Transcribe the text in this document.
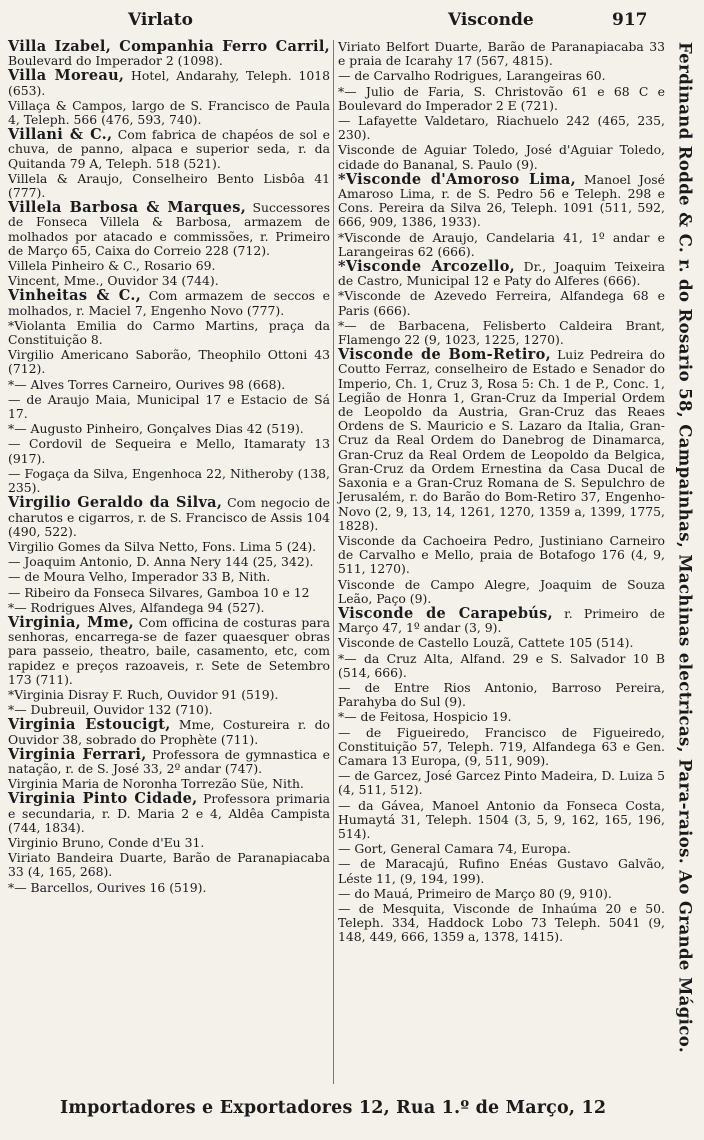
Virlato	Visconde	917
Villa Izabel, Companhia Ferro Carril, Boulevard do Imperador 2 (1098).
Villa Moreau, Hotel, Andarahy, Teleph. 1018 (653).
Villaça & Campos, largo de S. Francisco de Paula 4, Teleph. 566 (476, 593, 740).
Villani & C., Com fabrica de chapéos de sol e chuva, de panno, alpaca e superior seda, r. da Quitanda 79 A, Teleph. 518 (521).
Villela & Araujo, Conselheiro Bento Lisbôa 41 (777).
Villela Barbosa & Marques, Successores de Fonseca Villela & Barbosa, armazem de molhados por atacado e commissões, r. Primeiro de Março 65, Caixa do Correio 228 (712).
Villela Pinheiro & C., Rosario 69.
Vincent, Mme., Ouvidor 34 (744).
Vinheitas & C., Com armazem de seccos e molhados, r. Maciel 7, Engenho Novo (777).
*Violanta Emilia do Carmo Martins, praça da Constituição 8.
Virgilio Americano Saborão, Theophilo Ottoni 43 (712).
*— Alves Torres Carneiro, Ourives 98 (668).
— de Araujo Maia, Municipal 17 e Estacio de Sá 17.
*— Augusto Pinheiro, Gonçalves Dias 42 (519).
— Cordovil de Sequeira e Mello, Itamaraty 13 (917).
— Fogaça da Silva, Engenhoca 22, Nitheroby (138, 235).
Virgilio Geraldo da Silva, Com negocio de charutos e cigarros, r. de S. Francisco de Assis 104 (490, 522).
Virgilio Gomes da Silva Netto, Fons. Lima 5 (24).
— Joaquim Antonio, D. Anna Nery 144 (25, 342).
— de Moura Velho, Imperador 33 B, Nith.
— Ribeiro da Fonseca Silvares, Gamboa 10 e 12
*— Rodrigues Alves, Alfandega 94 (527).
Virginia, Mme, Com officina de costuras para senhoras, encarrega-se de fazer quaesquer obras para passeio, theatro, baile, casamento, etc, com rapidez e preços razoaveis, r. Sete de Setembro 173 (711).
*Virginia Disray F. Ruch, Ouvidor 91 (519).
*— Dubreuil, Ouvidor 132 (710).
Virginia Estoucigt, Mme, Costureira r. do Ouvidor 38, sobrado do Prophète (711).
Virginia Ferrari, Professora de gymnastica e natação, r. de S. José 33, 2º andar (747).
Virginia Maria de Noronha Torrezão Süe, Nith.
Virginia Pinto Cidade, Professora primaria e secundaria, r. D. Maria 2 e 4, Aldêa Campista (744, 1834).
Virginio Bruno, Conde d'Eu 31.
Viriato Bandeira Duarte, Barão de Paranapiacaba 33 (4, 165, 268).
*— Barcellos, Ourives 16 (519).
Viriato Belfort Duarte, Barão de Paranapiacaba 33 e praia de Icarahy 17 (567, 4815).
— de Carvalho Rodrigues, Larangeiras 60.
*— Julio de Faria, S. Christovão 61 e 68 C e Boulevard do Imperador 2 E (721).
— Lafayette Valdetaro, Riachuelo 242 (465, 235, 230).
Visconde de Aguiar Toledo, José d'Aguiar Toledo, cidade do Bananal, S. Paulo (9).
*Visconde d'Amoroso Lima, Manoel José Amaroso Lima, r. de S. Pedro 56 e Teleph. 298 e Cons. Pereira da Silva 26, Teleph. 1091 (511, 592, 666, 909, 1386, 1933).
*Visconde de Araujo, Candelaria 41, 1º andar e Larangeiras 62 (666).
*Visconde Arcozello, Dr., Joaquim Teixeira de Castro, Municipal 12 e Paty do Alferes (666).
*Visconde de Azevedo Ferreira, Alfandega 68 e Paris (666).
*— de Barbacena, Felisberto Caldeira Brant, Flamengo 22 (9, 1023, 1225, 1270).
Visconde de Bom-Retiro, Luiz Pedreira do Coutto Ferraz, conselheiro de Estado e Senador do Imperio, Ch. 1, Cruz 3, Rosa 5: Ch. 1 de P., Conc. 1, Legião de Honra 1, Gran-Cruz da Imperial Ordem de Leopoldo da Austria, Gran-Cruz das Reaes Ordens de S. Mauricio e S. Lazaro da Italia, Gran-Cruz da Real Ordem do Danebrog de Dinamarca, Gran-Cruz da Real Ordem de Leopoldo da Belgica, Gran-Cruz da Ordem Ernestina da Casa Ducal de Saxonia e a Gran-Cruz Romana de S. Sepulchro de Jerusalém, r. do Barão do Bom-Retiro 37, Engenho-Novo (2, 9, 13, 14, 1261, 1270, 1359 a, 1399, 1775, 1828).
Visconde da Cachoeira Pedro, Justiniano Carneiro de Carvalho e Mello, praia de Botafogo 176 (4, 9, 511, 1270).
Visconde de Campo Alegre, Joaquim de Souza Leão, Paço (9).
Visconde de Carapebús, r. Primeiro de Março 47, 1º andar (3, 9).
Visconde de Castello Louzã, Cattete 105 (514).
*— da Cruz Alta, Alfand. 29 e S. Salvador 10 B (514, 666).
— de Entre Rios Antonio, Barroso Pereira, Parahyba do Sul (9).
*— de Feitosa, Hospicio 19.
— de Figueiredo, Francisco de Figueiredo, Constituição 57, Teleph. 719, Alfandega 63 e Gen. Camara 13 Europa, (9, 511, 909).
— de Garcez, José Garcez Pinto Madeira, D. Luiza 5 (4, 511, 512).
— da Gávea, Manoel Antonio da Fonseca Costa, Humaytá 31, Teleph. 1504 (3, 5, 9, 162, 165, 196, 514).
— Gort, General Camara 74, Europa.
— de Maracajú, Rufino Enéas Gustavo Galvão, Léste 11, (9, 194, 199).
— do Mauá, Primeiro de Março 80 (9, 910).
— de Mesquita, Visconde de Inhaúma 20 e 50. Teleph. 334, Haddock Lobo 73 Teleph. 5041 (9, 148, 449, 666, 1359 a, 1378, 1415).	Ferdinand Rodde & C. r. do Rosario 58, Campainhas, Machinas electricas, Para-raios. Ao Grande Mágico.
Importadores e Exportadores 12, Rua 1.º de Março, 12
